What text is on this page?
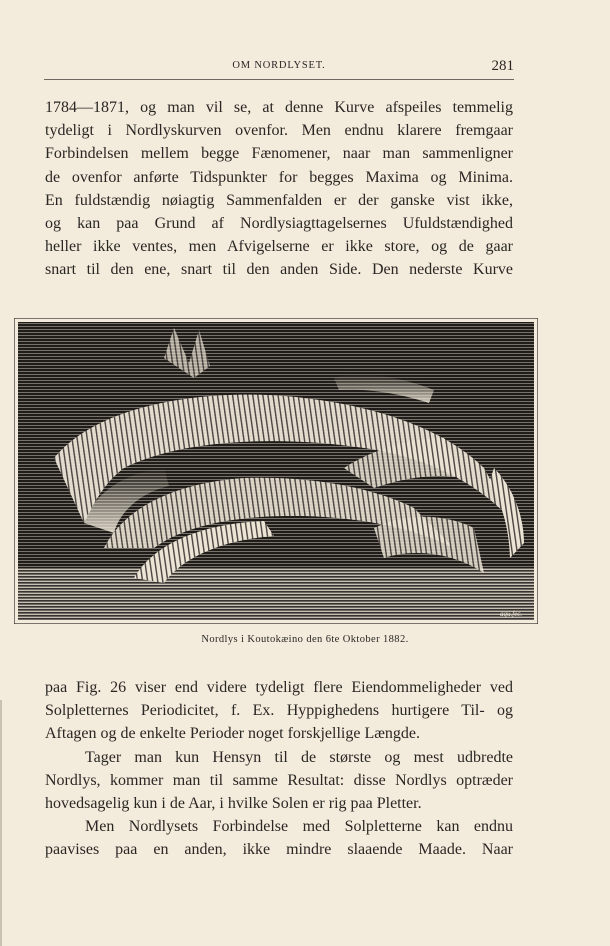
OM NORDLYSET.	281
1784—1871, og man vil se, at denne Kurve afspeiles temmelig
tydeligt i Nordlyskurven ovenfor. Men endnu klarere fremgaar
Forbindelsen mellem begge Fænomener, naar man sammenligner
de ovenfor anførte Tidspunkter for begges Maxima og Minima.
En fuldstændig nøiagtig Sammenfalden er der ganske vist ikke,
og kan paa Grund af Nordlysiagttagelsernes Ufuldstændighed
heller ikke ventes, men Afvigelserne er ikke store, og de gaar
snart til den ene, snart til den anden Side. Den nederste Kurve
aqu.fec.
Nordlys i Koutokæino den 6te Oktober 1882.
paa Fig. 26 viser end videre tydeligt flere Eiendommeligheder ved
Solpletternes Periodicitet, f. Ex. Hyppighedens hurtigere Til- og
Aftagen og de enkelte Perioder noget forskjellige Længde.
Tager man kun Hensyn til de største og mest udbredte
Nordlys, kommer man til samme Resultat: disse Nordlys optræder
hovedsagelig kun i de Aar, i hvilke Solen er rig paa Pletter.
Men Nordlysets Forbindelse med Solpletterne kan endnu
paavises paa en anden, ikke mindre slaaende Maade. Naar
